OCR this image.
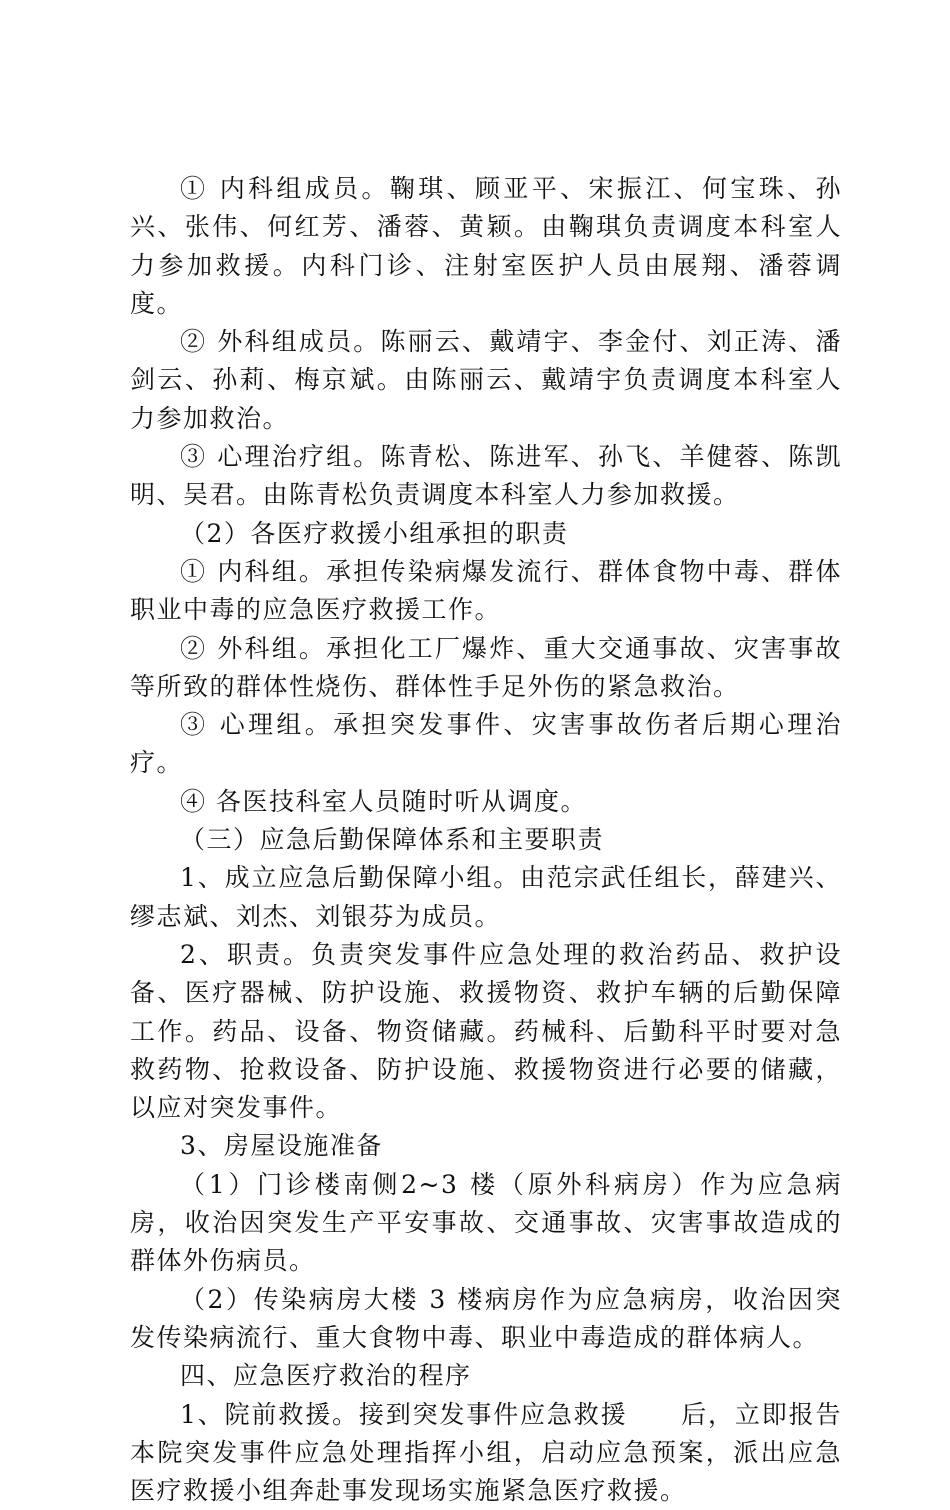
① 内科组成员。鞠琪、顾亚平、宋振江、何宝珠、孙兴、张伟、何红芳、潘蓉、黄颖。由鞠琪负责调度本科室人力参加救援。内科门诊、注射室医护人员由展翔、潘蓉调度。

② 外科组成员。陈丽云、戴靖宇、李金付、刘正涛、潘剑云、孙莉、梅京斌。由陈丽云、戴靖宇负责调度本科室人力参加救治。

③ 心理治疗组。陈青松、陈进军、孙飞、羊健蓉、陈凯明、吴君。由陈青松负责调度本科室人力参加救援。

（2）各医疗救援小组承担的职责

① 内科组。承担传染病爆发流行、群体食物中毒、群体职业中毒的应急医疗救援工作。

② 外科组。承担化工厂爆炸、重大交通事故、灾害事故等所致的群体性烧伤、群体性手足外伤的紧急救治。

③ 心理组。承担突发事件、灾害事故伤者后期心理治疗。

④ 各医技科室人员随时听从调度。

（三）应急后勤保障体系和主要职责

1、成立应急后勤保障小组。由范宗武任组长，薛建兴、缪志斌、刘杰、刘银芬为成员。

2、职责。负责突发事件应急处理的救治药品、救护设备、医疗器械、防护设施、救援物资、救护车辆的后勤保障工作。药品、设备、物资储藏。药械科、后勤科平时要对急救药物、抢救设备、防护设施、救援物资进行必要的储藏，以应对突发事件。

3、房屋设施准备

（1）门诊楼南侧2~3 楼（原外科病房）作为应急病房，收治因突发生产平安事故、交通事故、灾害事故造成的群体外伤病员。

（2）传染病房大楼 3 楼病房作为应急病房，收治因突发传染病流行、重大食物中毒、职业中毒造成的群体病人。

四、应急医疗救治的程序

1、院前救援。接到突发事件应急救援　　后，立即报告本院突发事件应急处理指挥小组，启动应急预案，派出应急医疗救援小组奔赴事发现场实施紧急医疗救援。
